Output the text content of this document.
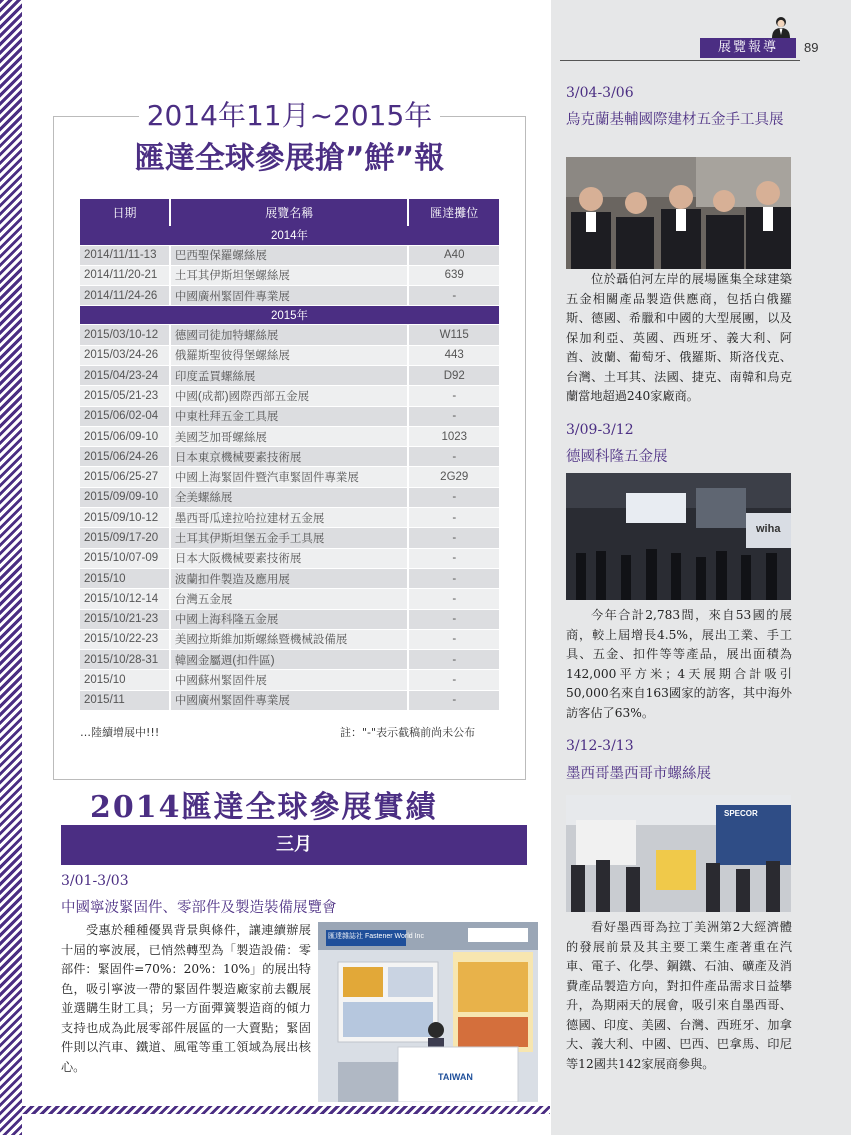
展覽報導	89
2014年11月~2015年
匯達全球參展搶”鮮”報
日期	展覽名稱	匯達攤位
2014年		
2014/11/11-13	巴西聖保羅螺絲展	A40
2014/11/20-21	土耳其伊斯坦堡螺絲展	639
2014/11/24-26	中國廣州緊固件專業展	-
2015年		
2015/03/10-12	德國司徒加特螺絲展	W115
2015/03/24-26	俄羅斯聖彼得堡螺絲展	443
2015/04/23-24	印度孟買螺絲展	D92
2015/05/21-23	中國(成都)國際西部五金展	-
2015/06/02-04	中東杜拜五金工具展	-
2015/06/09-10	美國芝加哥螺絲展	1023
2015/06/24-26	日本東京機械要素技術展	-
2015/06/25-27	中國上海緊固件暨汽車緊固件專業展	2G29
2015/09/09-10	全美螺絲展	-
2015/09/10-12	墨西哥瓜達拉哈拉建材五金展	-
2015/09/17-20	土耳其伊斯坦堡五金手工具展	-
2015/10/07-09	日本大阪機械要素技術展	-
2015/10	波蘭扣件製造及應用展	-
2015/10/12-14	台灣五金展	-
2015/10/21-23	中國上海科隆五金展	-
2015/10/22-23	美國拉斯維加斯螺絲暨機械設備展	-
2015/10/28-31	韓國金屬週(扣件區)	-
2015/10	中國蘇州緊固件展	-
2015/11	中國廣州緊固件專業展	-
…陸續增展中!!!	註："-"表示截稿前尚未公布
2014匯達全球參展實績
三月
3/01-3/03
中國寧波緊固件、零部件及製造裝備展覽會
受惠於種種優異背景與條件，讓連續辦展十屆的寧波展，已悄然轉型為「製造設備：零部件：緊固件=70%：20%：10%」的展出特色，吸引寧波一帶的緊固件製造廠家前去觀展並選購生財工具；另一方面彈簧製造商的傾力支持也成為此展零部件展區的一大賣點；緊固件則以汽車、鐵道、風電等重工領域為展出核心。
匯達雜誌社 Fastener World Inc
TAIWAN
3/04-3/06
烏克蘭基輔國際建材五金手工具展
位於聶伯河左岸的展場匯集全球建築五金相關產品製造供應商，包括白俄羅斯、德國、希臘和中國的大型展團，以及保加利亞、英國、西班牙、義大利、阿酋、波蘭、葡萄牙、俄羅斯、斯洛伐克、台灣、土耳其、法國、捷克、南韓和烏克蘭當地超過240家廠商。
3/09-3/12
德國科隆五金展
wiha
今年合計2,783間，來自53國的展商，較上屆增長4.5%，展出工業、手工具、五金、扣件等等產品，展出面積為142,000平方米；4天展期合計吸引50,000名來自163國家的訪客，其中海外訪客佔了63%。
3/12-3/13
墨西哥墨西哥市螺絲展
SPECOR
看好墨西哥為拉丁美洲第2大經濟體的發展前景及其主要工業生產著重在汽車、電子、化學、鋼鐵、石油、礦產及消費產品製造方向，對扣件產品需求日益攀升，為期兩天的展會，吸引來自墨西哥、德國、印度、美國、台灣、西班牙、加拿大、義大利、中國、巴西、巴拿馬、印尼等12國共142家展商參與。
